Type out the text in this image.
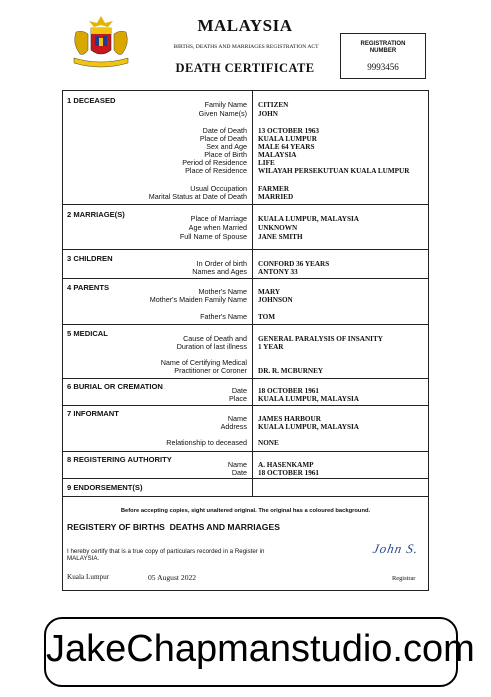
MALAYSIA
BIRTHS, DEATHS AND MARRIAGES REGISTRATION ACT
DEATH CERTIFICATE
REGISTRATION NUMBER
9993456
1 DECEASED	Family Name CITIZEN
Given Name(s) JOHN
Date of Death 13 OCTOBER 1963
Place of Death KUALA LUMPUR
Sex and Age MALE 64 YEARS
Place of Birth MALAYSIA
Period of Residence LIFE
Place of Residence WILAYAH PERSEKUTUAN KUALA LUMPUR
Usual Occupation FARMER
Marital Status at Date of Death MARRIED
2 MARRIAGE(S)	Place of Marriage KUALA LUMPUR, MALAYSIA
Age when Married UNKNOWN
Full Name of Spouse JANE SMITH
3 CHILDREN
In Order of birth CONFORD 36 YEARS
Names and Ages ANTONY 33
4 PARENTS	Mother's Name MARY
Mother's Maiden Family Name JOHNSON
Father's Name TOM
5 MEDICAL
Cause of Death and GENERAL PARALYSIS OF INSANITY
Duration of last illness 1 YEAR
Name of Certifying Medical
Practitioner or Coroner DR. R. MCBURNEY
6 BURIAL OR CREMATION	Date 18 OCTOBER 1961
Place KUALA LUMPUR, MALAYSIA
7 INFORMANT
Name JAMES HARBOUR
Address KUALA LUMPUR, MALAYSIA
Relationship to deceased NONE
8 REGISTERING AUTHORITY
Name A. HASENKAMP
Date 18 OCTOBER 1961
9 ENDORSEMENT(S)
Before accepting copies, sight unaltered original. The original has a coloured background.
REGISTERY OF BIRTHS  DEATHS AND MARRIAGES
I hereby certify that is a true copy of particulars recorded in a Register in MALAYSIA.
John S.
Kuala Lumpur	05 August 2022	Registrar
JakeChapmanstudio.com
